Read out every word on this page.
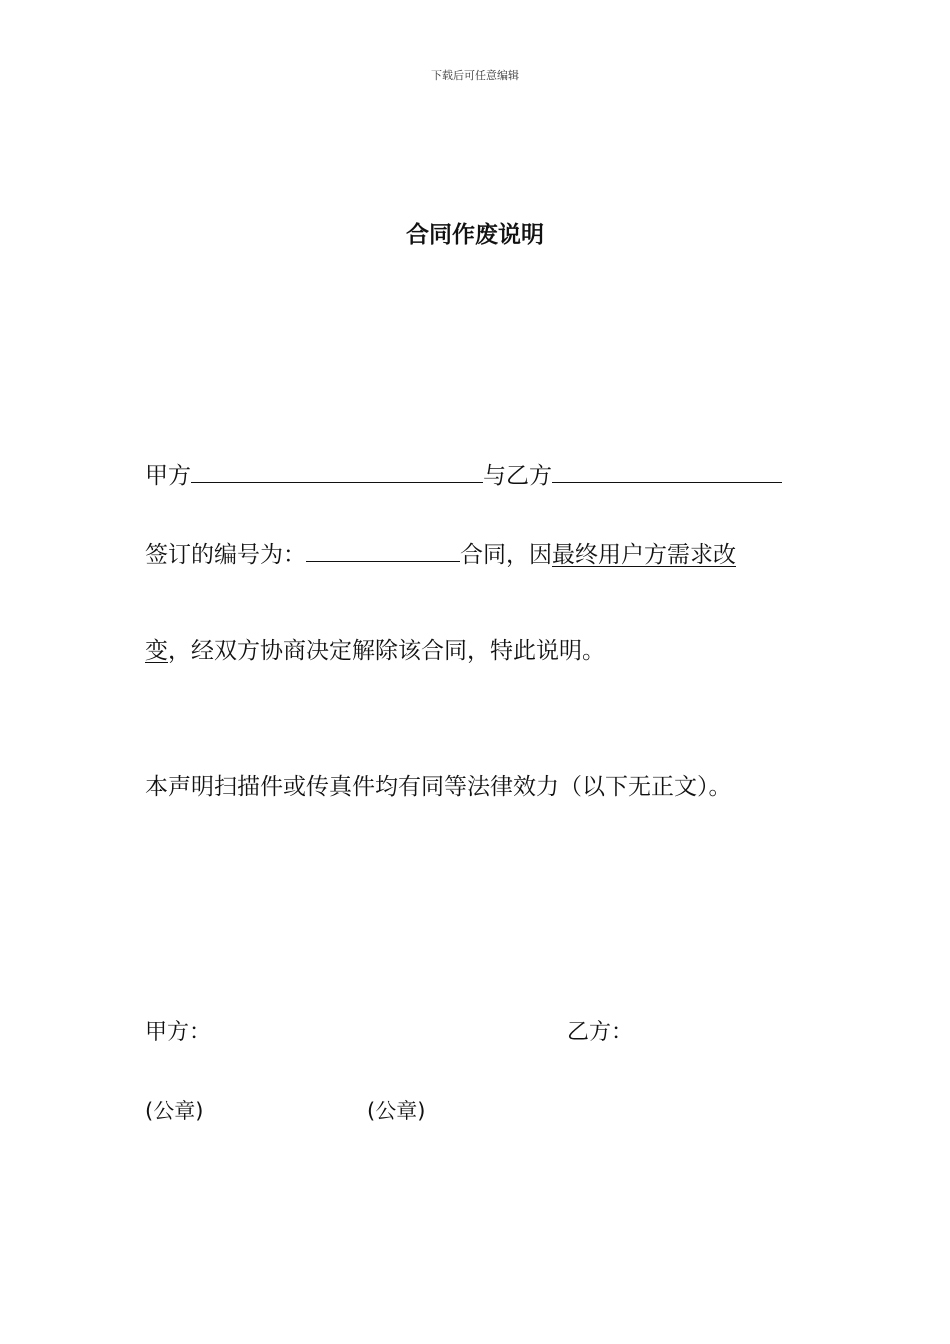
下载后可任意编辑
合同作废说明
甲方	与乙方
签订的编号为：	合同，因最终用户方需求改
变，经双方协商决定解除该合同，特此说明。
本声明扫描件或传真件均有同等法律效力（以下无正文）。
甲方：	乙方：
(公章)	(公章)
